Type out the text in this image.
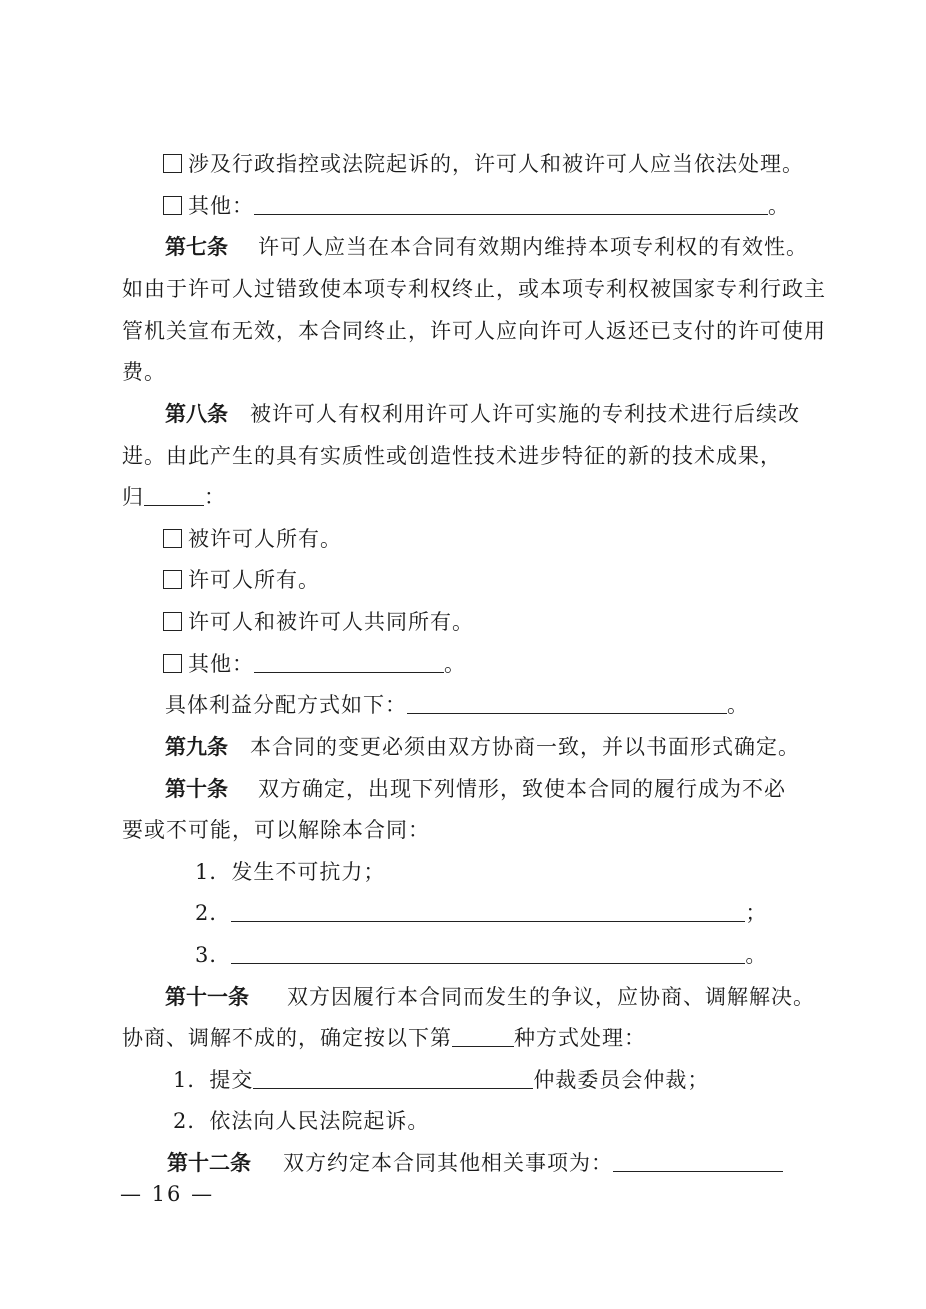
涉及行政指控或法院起诉的，许可人和被许可人应当依法处理。
其他：	。
第七条 许可人应当在本合同有效期内维持本项专利权的有效性。
如由于许可人过错致使本项专利权终止，或本项专利权被国家专利行政主
管机关宣布无效，本合同终止，许可人应向许可人返还已支付的许可使用
费。
第八条 被许可人有权利用许可人许可实施的专利技术进行后续改
进。由此产生的具有实质性或创造性技术进步特征的新的技术成果，
归	：
被许可人所有。
许可人所有。
许可人和被许可人共同所有。
其他：	。
具体利益分配方式如下：	。
第九条 本合同的变更必须由双方协商一致，并以书面形式确定。
第十条 双方确定，出现下列情形，致使本合同的履行成为不必
要或不可能，可以解除本合同：
1．发生不可抗力；
2．	；
3．	。
第十一条 双方因履行本合同而发生的争议，应协商、调解解决。
协商、调解不成的，确定按以下第	种方式处理：
1．提交	仲裁委员会仲裁；
2．依法向人民法院起诉。
第十二条 双方约定本合同其他相关事项为：
— 16 —
